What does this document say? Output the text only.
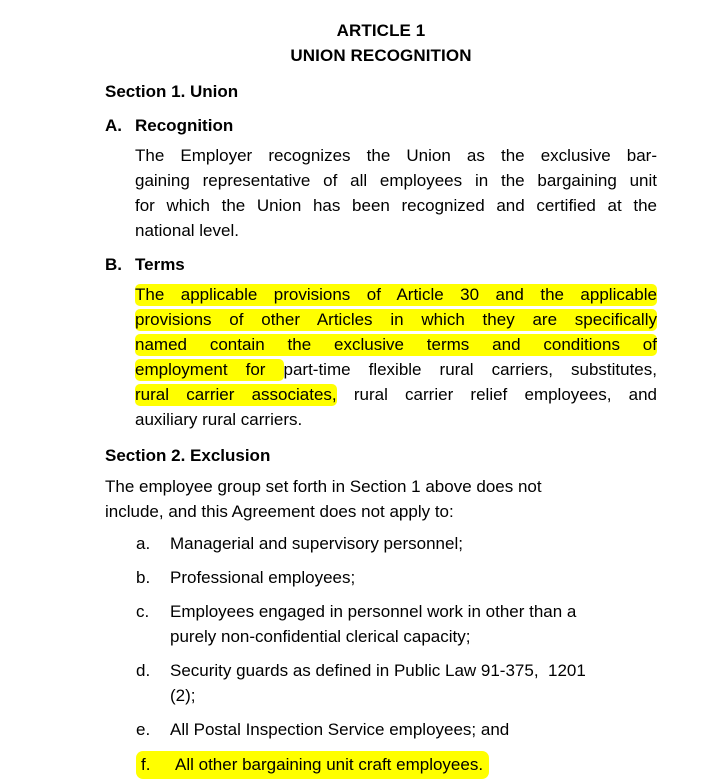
ARTICLE 1
UNION RECOGNITION
Section 1. Union
A. Recognition
The Employer recognizes the Union as the exclusive bar-
gaining representative of all employees in the bargaining unit
for which the Union has been recognized and certified at the
national level.
B. Terms
The applicable provisions of Article 30 and the applicable
provisions of other Articles in which they are specifically
named contain the exclusive terms and conditions of
employment for part-time flexible rural carriers, substitutes,
rural carrier associates, rural carrier relief employees, and
auxiliary rural carriers.
Section 2. Exclusion
The employee group set forth in Section 1 above does not
include, and this Agreement does not apply to:
a.	Managerial and supervisory personnel;
b.	Professional employees;
c.	Employees engaged in personnel work in other than a
purely non-confidential clerical capacity;
d.	Security guards as defined in Public Law 91-375,  1201
(2);
e.	All Postal Inspection Service employees; and
f. All other bargaining unit craft employees.
